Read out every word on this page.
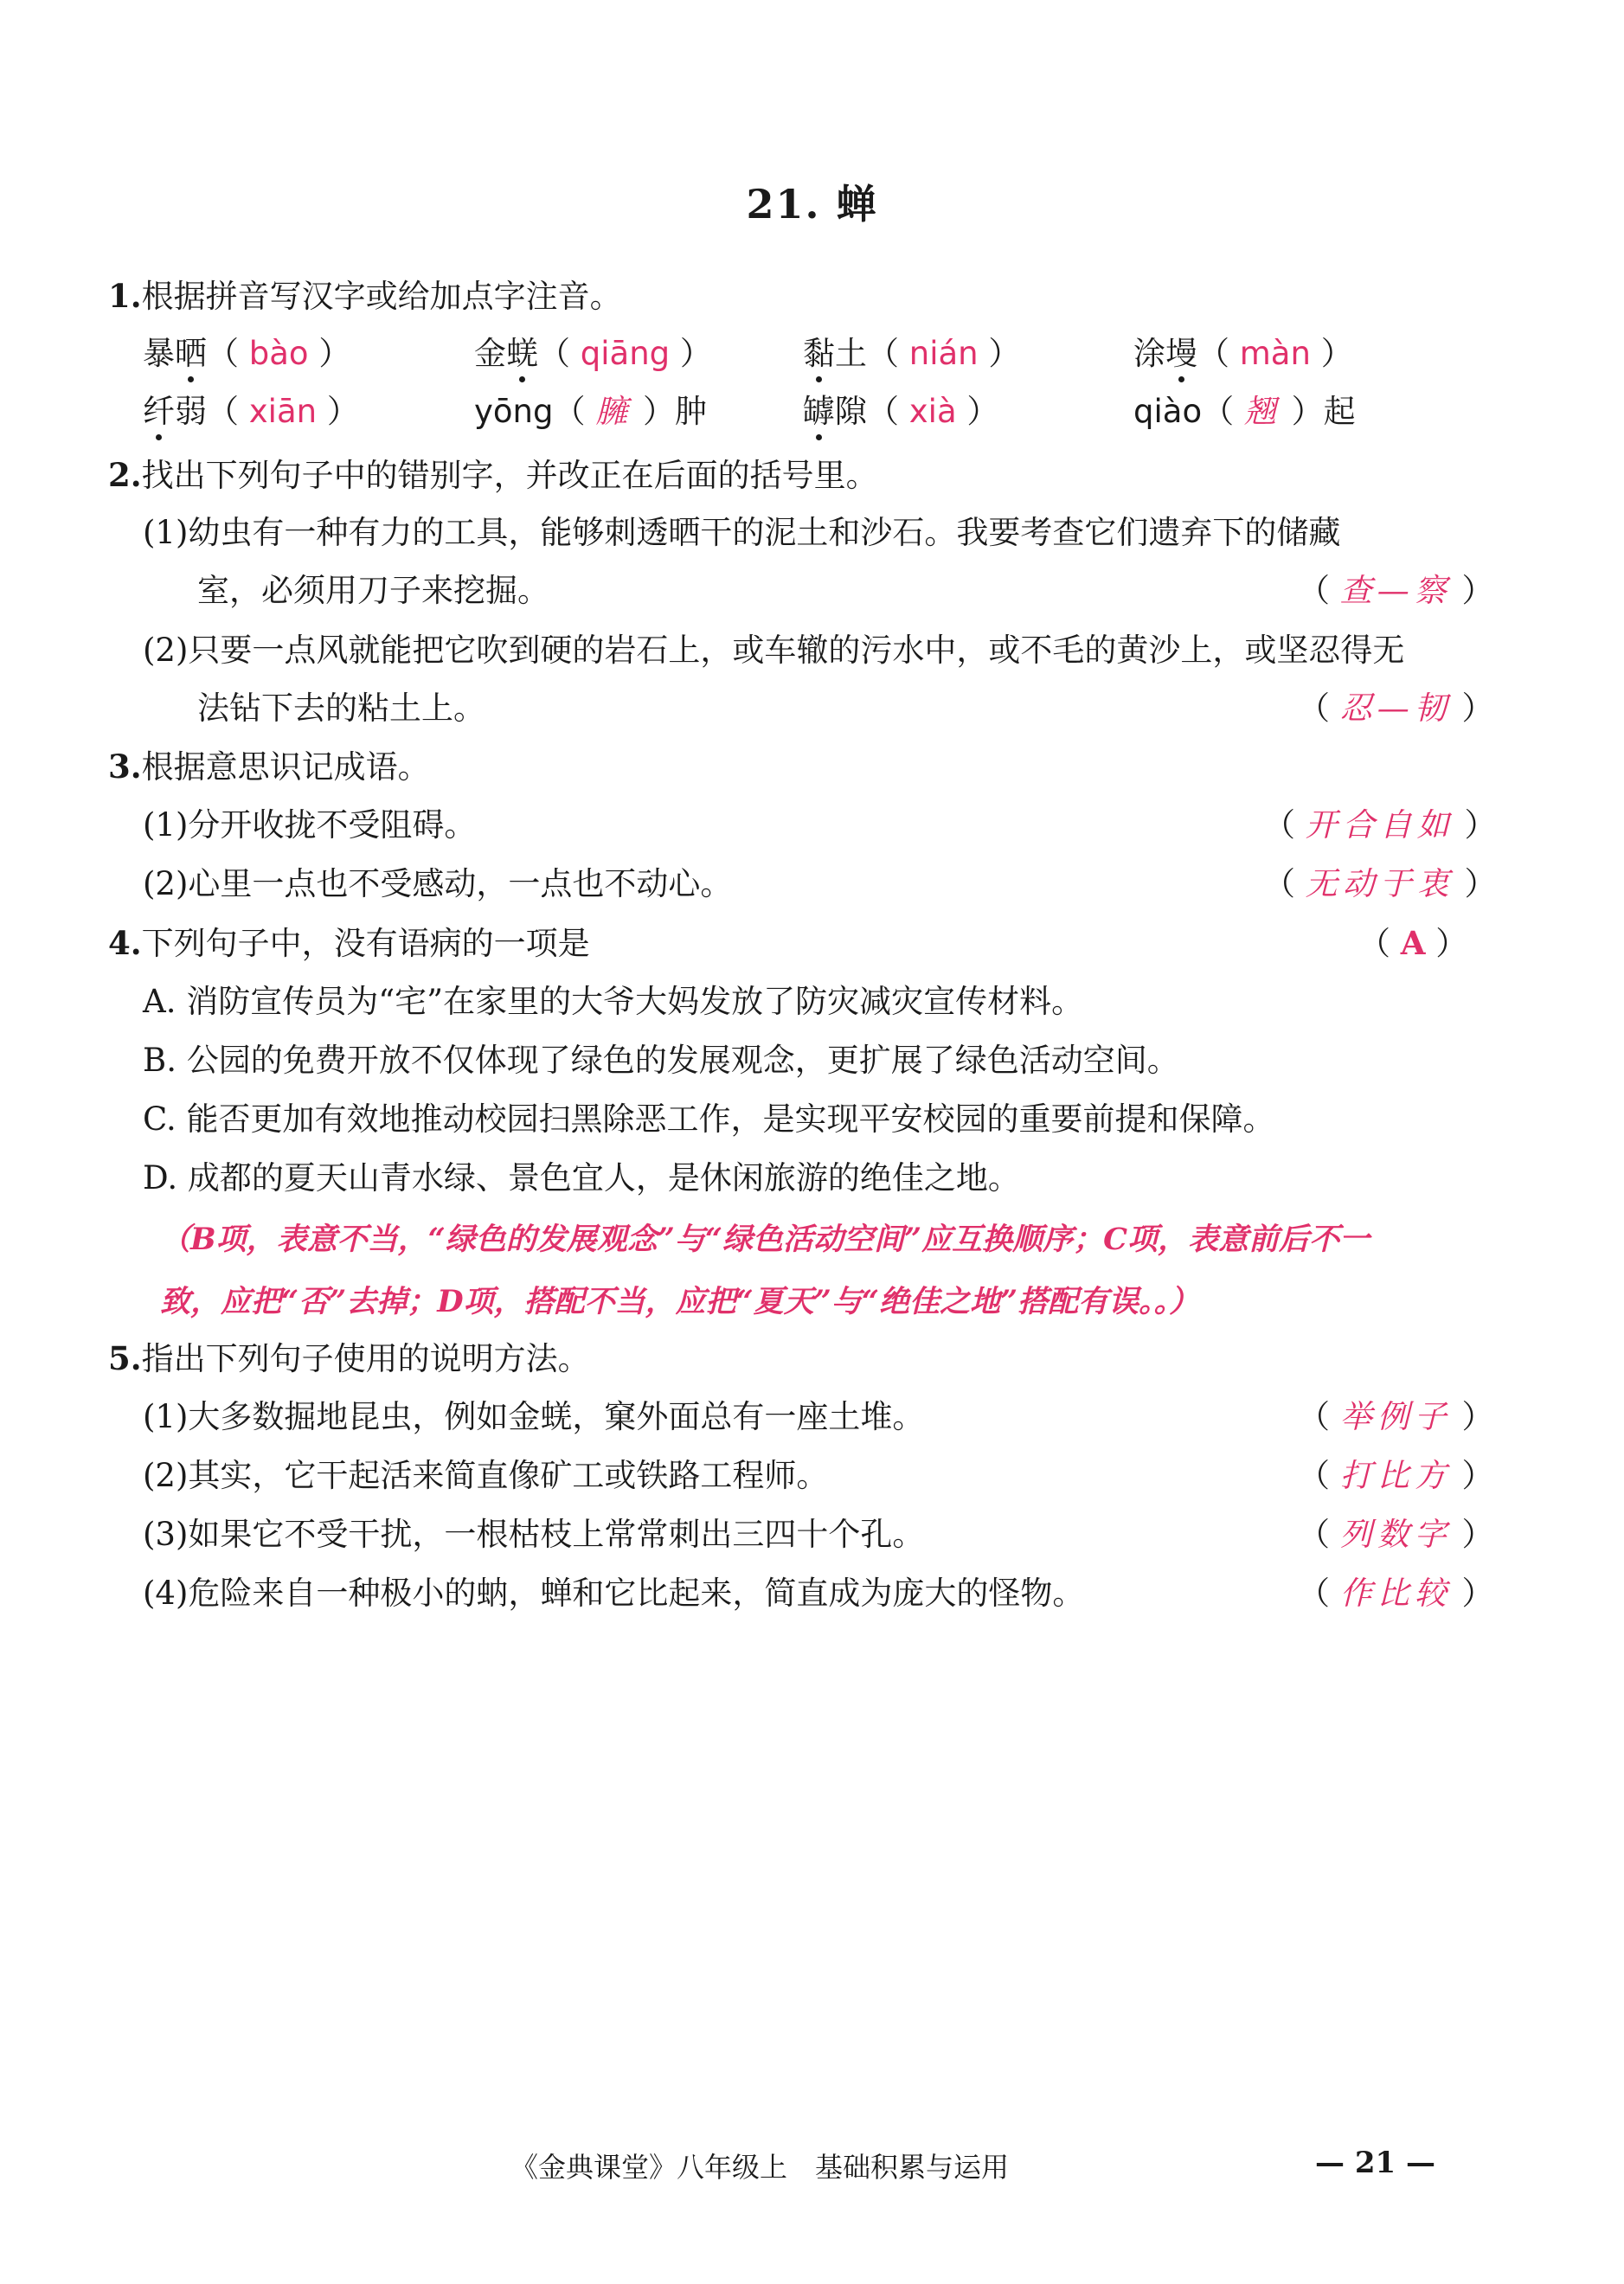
21. 蝉
1.根据拼音写汉字或给加点字注音。
暴晒（ bào ）	金蜣（ qiāng ）	黏土（ nián ）	涂墁（ màn ）
纤弱（ xiān ）	yōng（ 臃 ）肿	罅隙（ xià ）	qiào（ 翘 ）起
2.找出下列句子中的错别字，并改正在后面的括号里。
(1)幼虫有一种有力的工具，能够刺透晒干的泥土和沙石。我要考查它们遗弃下的储藏
室，必须用刀子来挖掘。	（ 查—察 ）
(2)只要一点风就能把它吹到硬的岩石上，或车辙的污水中，或不毛的黄沙上，或坚忍得无
法钻下去的粘土上。	（ 忍—韧 ）
3.根据意思识记成语。
(1)分开收拢不受阻碍。	（ 开合自如 ）
(2)心里一点也不受感动，一点也不动心。	（ 无动于衷 ）
4.下列句子中，没有语病的一项是	（ A ）
A. 消防宣传员为“宅”在家里的大爷大妈发放了防灾减灾宣传材料。
B. 公园的免费开放不仅体现了绿色的发展观念，更扩展了绿色活动空间。
C. 能否更加有效地推动校园扫黑除恶工作，是实现平安校园的重要前提和保障。
D. 成都的夏天山青水绿、景色宜人，是休闲旅游的绝佳之地。
（B项，表意不当，“绿色的发展观念”与“绿色活动空间”应互换顺序；C项，表意前后不一
致，应把“否”去掉；D项，搭配不当，应把“夏天”与“绝佳之地”搭配有误。。）
5.指出下列句子使用的说明方法。
(1)大多数掘地昆虫，例如金蜣，窠外面总有一座土堆。	（ 举例子 ）
(2)其实，它干起活来简直像矿工或铁路工程师。	（ 打比方 ）
(3)如果它不受干扰，一根枯枝上常常刺出三四十个孔。	（ 列数字 ）
(4)危险来自一种极小的蚋，蝉和它比起来，简直成为庞大的怪物。	（ 作比较 ）
《金典课堂》八年级上　基础积累与运用	— 21 —
